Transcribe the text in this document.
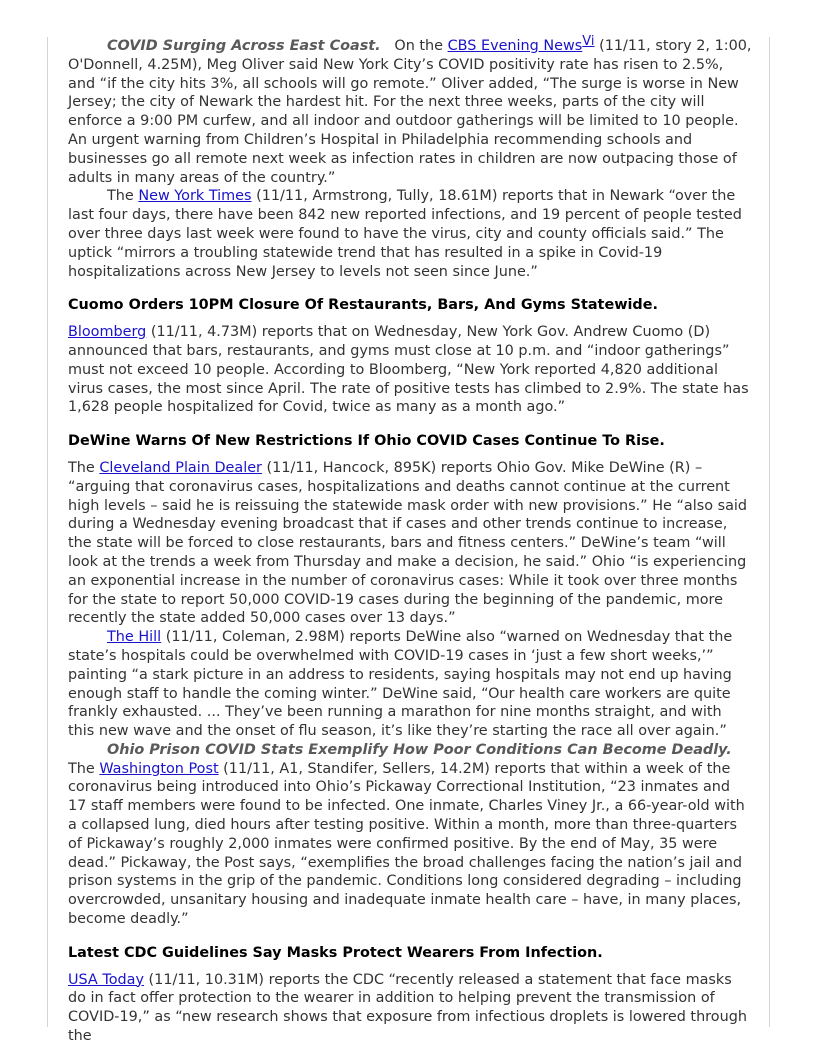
COVID Surging Across East Coast. On the CBS Evening News$^{Vi}$ (11/11, story 2, 1:00, O'Donnell, 4.25M), Meg Oliver said New York City’s COVID positivity rate has risen to 2.5%, and “if the city hits 3%, all schools will go remote.” Oliver added, “The surge is worse in New Jersey; the city of Newark the hardest hit. For the next three weeks, parts of the city will enforce a 9:00 PM curfew, and all indoor and outdoor gatherings will be limited to 10 people. An urgent warning from Children’s Hospital in Philadelphia recommending schools and businesses go all remote next week as infection rates in children are now outpacing those of adults in many areas of the country.”

The New York Times (11/11, Armstrong, Tully, 18.61M) reports that in Newark “over the last four days, there have been 842 new reported infections, and 19 percent of people tested over three days last week were found to have the virus, city and county officials said.” The uptick “mirrors a troubling statewide trend that has resulted in a spike in Covid-19 hospitalizations across New Jersey to levels not seen since June.”

Cuomo Orders 10PM Closure Of Restaurants, Bars, And Gyms Statewide.

Bloomberg (11/11, 4.73M) reports that on Wednesday, New York Gov. Andrew Cuomo (D) announced that bars, restaurants, and gyms must close at 10 p.m. and “indoor gatherings” must not exceed 10 people. According to Bloomberg, “New York reported 4,820 additional virus cases, the most since April. The rate of positive tests has climbed to 2.9%. The state has 1,628 people hospitalized for Covid, twice as many as a month ago.”

DeWine Warns Of New Restrictions If Ohio COVID Cases Continue To Rise.

The Cleveland Plain Dealer (11/11, Hancock, 895K) reports Ohio Gov. Mike DeWine (R) – “arguing that coronavirus cases, hospitalizations and deaths cannot continue at the current high levels – said he is reissuing the statewide mask order with new provisions.” He “also said during a Wednesday evening broadcast that if cases and other trends continue to increase, the state will be forced to close restaurants, bars and fitness centers.” DeWine’s team “will look at the trends a week from Thursday and make a decision, he said.” Ohio “is experiencing an exponential increase in the number of coronavirus cases: While it took over three months for the state to report 50,000 COVID-19 cases during the beginning of the pandemic, more recently the state added 50,000 cases over 13 days.”

The Hill (11/11, Coleman, 2.98M) reports DeWine also “warned on Wednesday that the state’s hospitals could be overwhelmed with COVID-19 cases in ‘just a few short weeks,’” painting “a stark picture in an address to residents, saying hospitals may not end up having enough staff to handle the coming winter.” DeWine said, “Our health care workers are quite frankly exhausted. ... They’ve been running a marathon for nine months straight, and with this new wave and the onset of flu season, it’s like they’re starting the race all over again.”

Ohio Prison COVID Stats Exemplify How Poor Conditions Can Become Deadly.

The Washington Post (11/11, A1, Standifer, Sellers, 14.2M) reports that within a week of the coronavirus being introduced into Ohio’s Pickaway Correctional Institution, “23 inmates and 17 staff members were found to be infected. One inmate, Charles Viney Jr., a 66-year-old with a collapsed lung, died hours after testing positive. Within a month, more than three-quarters of Pickaway’s roughly 2,000 inmates were confirmed positive. By the end of May, 35 were dead.” Pickaway, the Post says, “exemplifies the broad challenges facing the nation’s jail and prison systems in the grip of the pandemic. Conditions long considered degrading – including overcrowded, unsanitary housing and inadequate inmate health care – have, in many places, become deadly.”

Latest CDC Guidelines Say Masks Protect Wearers From Infection.

USA Today (11/11, 10.31M) reports the CDC “recently released a statement that face masks do in fact offer protection to the wearer in addition to helping prevent the transmission of COVID-19,” as “new research shows that exposure from infectious droplets is lowered through the
